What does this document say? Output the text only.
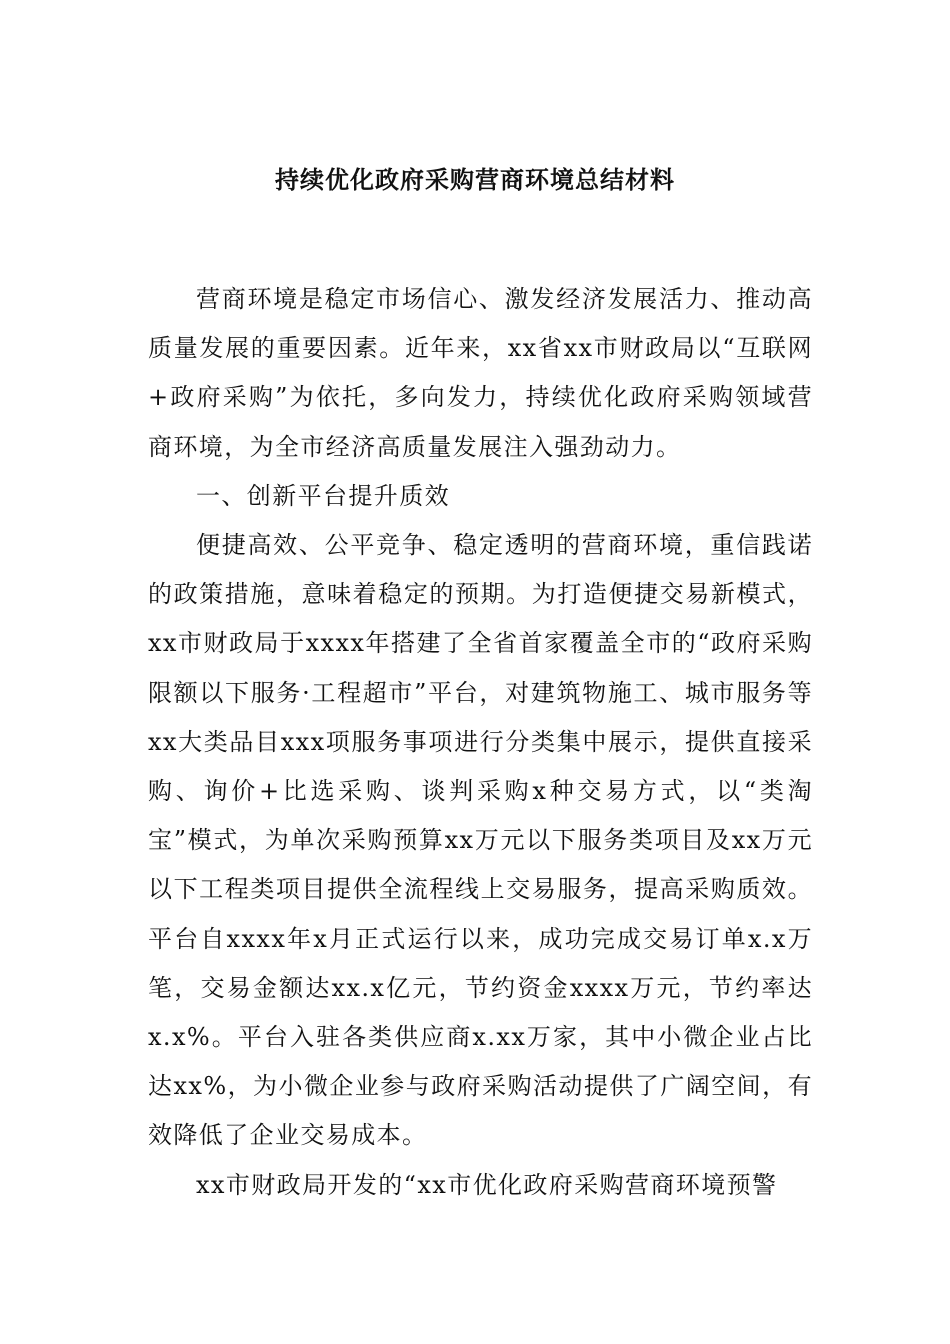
持续优化政府采购营商环境总结材料

营商环境是稳定市场信心、激发经济发展活力、推动高质量发展的重要因素。近年来，xx省xx市财政局以“互联网+政府采购”为依托，多向发力，持续优化政府采购领域营商环境，为全市经济高质量发展注入强劲动力。

一、创新平台提升质效

便捷高效、公平竞争、稳定透明的营商环境，重信践诺的政策措施，意味着稳定的预期。为打造便捷交易新模式，xx市财政局于xxxx年搭建了全省首家覆盖全市的“政府采购限额以下服务·工程超市”平台，对建筑物施工、城市服务等xx大类品目xxx项服务事项进行分类集中展示，提供直接采购、询价+比选采购、谈判采购x种交易方式，以“类淘宝”模式，为单次采购预算xx万元以下服务类项目及xx万元以下工程类项目提供全流程线上交易服务，提高采购质效。平台自xxxx年x月正式运行以来，成功完成交易订单x.x万笔，交易金额达xx.x亿元，节约资金xxxx万元，节约率达x.x%。平台入驻各类供应商x.xx万家，其中小微企业占比达xx%，为小微企业参与政府采购活动提供了广阔空间，有效降低了企业交易成本。

xx市财政局开发的“xx市优化政府采购营商环境预警
